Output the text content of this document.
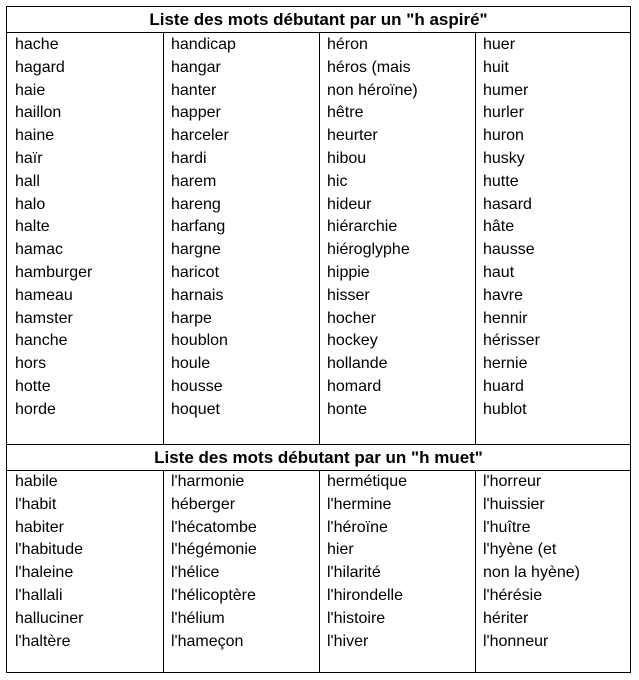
Liste des mots débutant par un "h aspiré"
hache
hagard
haie
haillon
haine
haïr
hall
halo
halte
hamac
hamburger
hameau
hamster
hanche
hors
hotte
horde
handicap
hangar
hanter
happer
harceler
hardi
harem
hareng
harfang
hargne
haricot
harnais
harpe
houblon
houle
housse
hoquet
héron
héros (mais
non héroïne)
hêtre
heurter
hibou
hic
hideur
hiérarchie
hiéroglyphe
hippie
hisser
hocher
hockey
hollande
homard
honte
huer
huit
humer
hurler
huron
husky
hutte
hasard
hâte
hausse
haut
havre
hennir
hérisser
hernie
huard
hublot
Liste des mots débutant par un "h muet"
habile
l'habit
habiter
l'habitude
l'haleine
l'hallali
halluciner
l'haltère
l'harmonie
héberger
l'hécatombe
l'hégémonie
l'hélice
l'hélicoptère
l'hélium
l'hameçon
hermétique
l'hermine
l'héroïne
hier
l'hilarité
l'hirondelle
l'histoire
l'hiver
l'horreur
l'huissier
l'huître
l'hyène (et
non la hyène)
l'hérésie
hériter
l'honneur
